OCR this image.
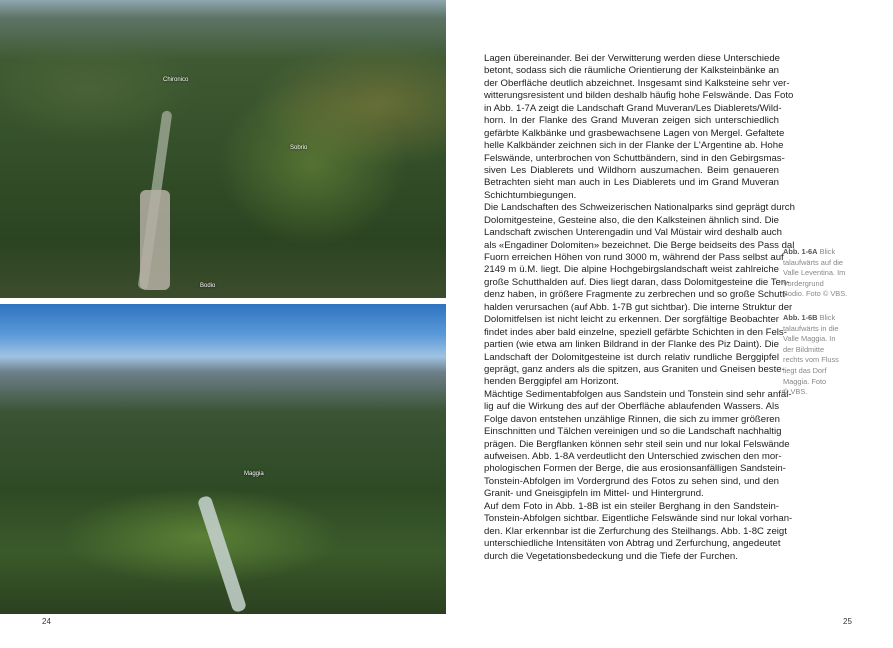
Chironico
Sobrio
Bodio
Maggia
Lagen übereinander. Bei der Verwitterung werden diese Unterschiede
betont, sodass sich die räumliche Orientierung der Kalksteinbänke an
der Oberfläche deutlich abzeichnet. Insgesamt sind Kalksteine sehr ver-
witterungsresistent und bilden deshalb häufig hohe Felswände. Das Foto
in Abb. 1-7A zeigt die Landschaft Grand Muveran/Les Diablerets/Wild-
horn. In der Flanke des Grand Muveran zeigen sich unterschiedlich
gefärbte Kalkbänke und grasbewachsene Lagen von Mergel. Gefaltete
helle Kalkbänder zeichnen sich in der Flanke der L'Argentine ab. Hohe
Felswände, unterbrochen von Schuttbändern, sind in den Gebirgsmas-
siven Les Diablerets und Wildhorn auszumachen. Beim genaueren
Betrachten sieht man auch in Les Diablerets und im Grand Muveran
Schichtumbiegungen.
Die Landschaften des Schweizerischen Nationalparks sind geprägt durch
Dolomitgesteine, Gesteine also, die den Kalksteinen ähnlich sind. Die
Landschaft zwischen Unterengadin und Val Müstair wird deshalb auch
als «Engadiner Dolomiten» bezeichnet. Die Berge beidseits des Pass dal
Fuorn erreichen Höhen von rund 3000 m, während der Pass selbst auf
2149 m ü.M. liegt. Die alpine Hochgebirgslandschaft weist zahlreiche
große Schutthalden auf. Dies liegt daran, dass Dolomitgesteine die Ten-
denz haben, in größere Fragmente zu zerbrechen und so große Schutt-
halden verursachen (auf Abb. 1-7B gut sichtbar). Die interne Struktur der
Dolomitfelsen ist nicht leicht zu erkennen. Der sorgfältige Beobachter
findet indes aber bald einzelne, speziell gefärbte Schichten in den Fels-
partien (wie etwa am linken Bildrand in der Flanke des Piz Daint). Die
Landschaft der Dolomitgesteine ist durch relativ rundliche Berggipfel
geprägt, ganz anders als die spitzen, aus Graniten und Gneisen beste-
henden Berggipfel am Horizont.
Mächtige Sedimentabfolgen aus Sandstein und Tonstein sind sehr anfäl-
lig auf die Wirkung des auf der Oberfläche ablaufenden Wassers. Als
Folge davon entstehen unzählige Rinnen, die sich zu immer größeren
Einschnitten und Tälchen vereinigen und so die Landschaft nachhaltig
prägen. Die Bergflanken können sehr steil sein und nur lokal Felswände
aufweisen. Abb. 1-8A verdeutlicht den Unterschied zwischen den mor-
phologischen Formen der Berge, die aus erosionsanfälligen Sandstein-
Tonstein-Abfolgen im Vordergrund des Fotos zu sehen sind, und den
Granit- und Gneisgipfeln im Mittel- und Hintergrund.
Auf dem Foto in Abb. 1-8B ist ein steiler Berghang in den Sandstein-
Tonstein-Abfolgen sichtbar. Eigentliche Felswände sind nur lokal vorhan-
den. Klar erkennbar ist die Zerfurchung des Steilhangs. Abb. 1-8C zeigt
unterschiedliche Intensitäten von Abtrag und Zerfurchung, angedeutet
durch die Vegetationsbedeckung und die Tiefe der Furchen.
Abb. 1-6A Blick
talaufwärts auf die
Valle Leventina. Im
Vordergrund
Bodio. Foto © VBS.
Abb. 1-6B Blick
talaufwärts in die
Valle Maggia. In
der Bildmitte
rechts vom Fluss
liegt das Dorf
Maggia. Foto
© VBS.
24	25
